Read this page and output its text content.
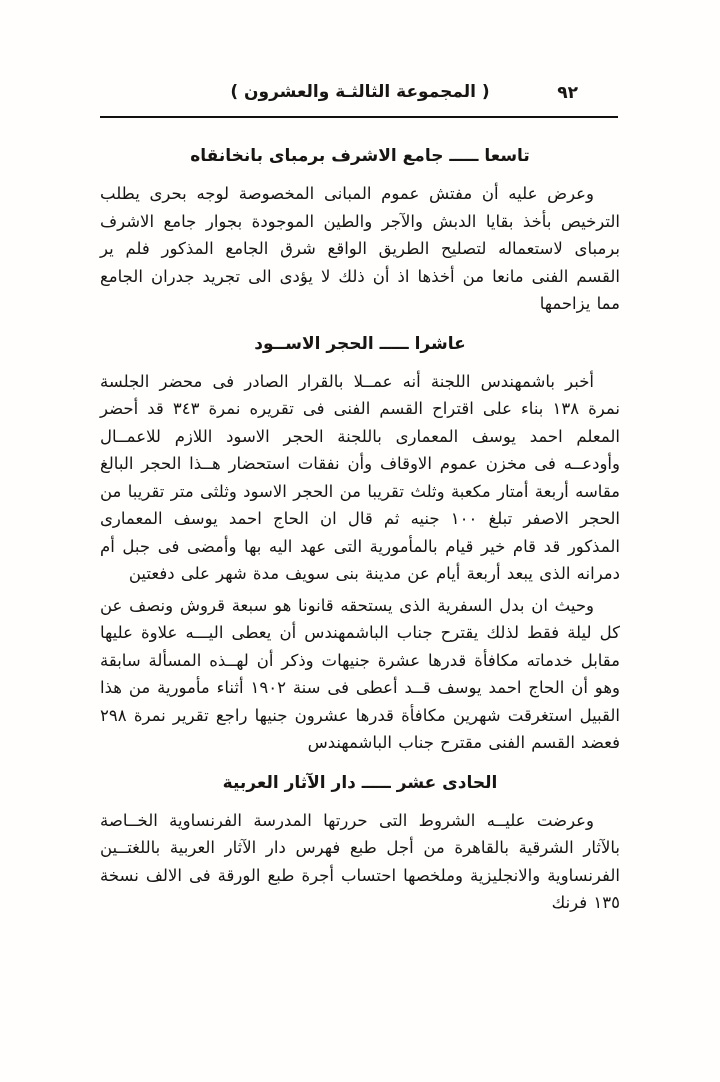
( المجموعة الثالثـة والعشرون )	٩٢
تاسعا ـــــ جامع الاشرف برمباى بانخانقاه

وعرض عليه أن مفتش عموم المبانى المخصوصة لوجه بحرى يطلب الترخيص بأخذ بقايا الدبش والآجر والطين الموجودة بجوار جامع الاشرف برمباى لاستعماله لتصليح الطريق الواقع شرق الجامع المذكور فلم ير القسم الفنى مانعا من أخذها اذ أن ذلك لا يؤدى الى تجريد جدران الجامع مما يزاحمها

عاشرا ـــــ الحجر الاســود

أخبر باشمهندس اللجنة أنه عمــلا بالقرار الصادر فى محضر الجلسة نمرة ١٣٨ بناء على اقتراح القسم الفنى فى تقريره نمرة ٣٤٣ قد أحضر المعلم احمد يوسف المعمارى باللجنة الحجر الاسود اللازم للاعمــال وأودعــه فى مخزن عموم الاوقاف وأن نفقات استحضار هــذا الحجر البالغ مقاسه أربعة أمتار مكعبة وثلث تقريبا من الحجر الاسود وثلثى متر تقريبا من الحجر الاصفر تبلغ ١٠٠ جنيه ثم قال ان الحاج احمد يوسف المعمارى المذكور قد قام خير قيام بالمأمورية التى عهد اليه بها وأمضى فى جبل أم دمرانه الذى يبعد أربعة أيام عن مدينة بنى سويف مدة شهر على دفعتين

وحيث ان بدل السفرية الذى يستحقه قانونا هو سبعة قروش ونصف عن كل ليلة فقط لذلك يقترح جناب الباشمهندس أن يعطى اليـــه علاوة عليها مقابل خدماته مكافأة قدرها عشرة جنيهات وذكر أن لهــذه المسألة سابقة وهو أن الحاج احمد يوسف قــد أعطى فى سنة ١٩٠٢ أثناء مأمورية من هذا القبيل استغرقت شهرين مكافأة قدرها عشرون جنيها راجع تقرير نمرة ٢٩٨ فعضد القسم الفنى مقترح جناب الباشمهندس

الحادى عشر ـــــ دار الآثار العربية

وعرضت عليــه الشروط التى حررتها المدرسة الفرنساوية الخــاصة بالآثار الشرقية بالقاهرة من أجل طبع فهرس دار الآثار العربية باللغتــين الفرنساوية والانجليزية وملخصها احتساب أجرة طبع الورقة فى الالف نسخة ١٣٥ فرنك
